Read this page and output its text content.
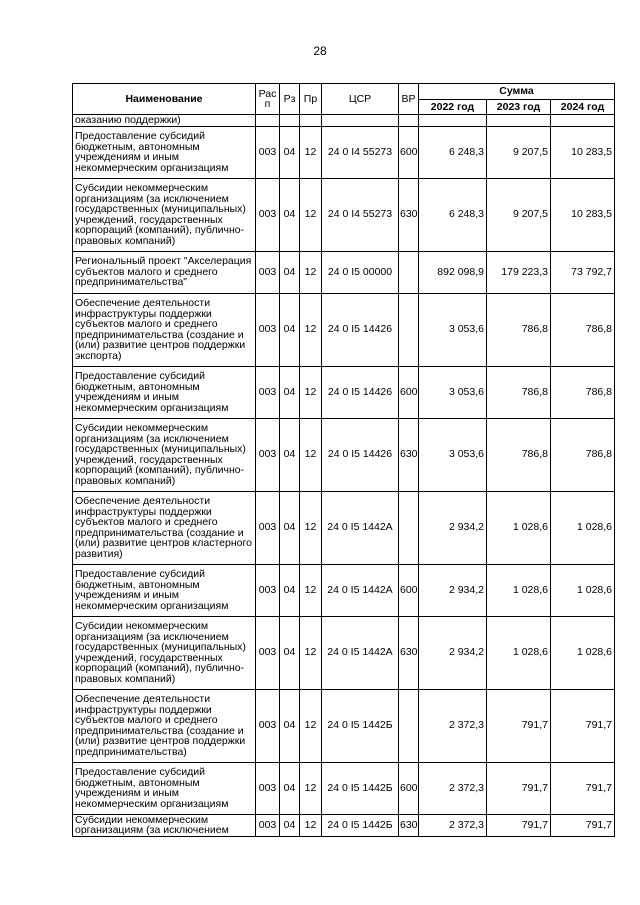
28
Наименование	Рас п	Рз	Пр	ЦСР	ВР	Сумма		
						2022 год	2023 год	2024 год
оказанию поддержки)								
Предоставление субсидий бюджетным, автономным учреждениям и иным некоммерческим организациям	003	04	12	24 0 I4 55273	600	6 248,3	9 207,5	10 283,5
Субсидии некоммерческим организациям (за исключением государственных (муниципальных) учреждений, государственных корпораций (компаний), публично-правовых компаний)	003	04	12	24 0 I4 55273	630	6 248,3	9 207,5	10 283,5
Региональный проект "Акселерация субъектов малого и среднего предпринимательства"	003	04	12	24 0 I5 00000		892 098,9	179 223,3	73 792,7
Обеспечение деятельности инфраструктуры поддержки субъектов малого и среднего предпринимательства (создание и (или) развитие центров поддержки экспорта)	003	04	12	24 0 I5 14426		3 053,6	786,8	786,8
Предоставление субсидий бюджетным, автономным учреждениям и иным некоммерческим организациям	003	04	12	24 0 I5 14426	600	3 053,6	786,8	786,8
Субсидии некоммерческим организациям (за исключением государственных (муниципальных) учреждений, государственных корпораций (компаний), публично-правовых компаний)	003	04	12	24 0 I5 14426	630	3 053,6	786,8	786,8
Обеспечение деятельности инфраструктуры поддержки субъектов малого и среднего предпринимательства (создание и (или) развитие центров кластерного развития)	003	04	12	24 0 I5 1442А		2 934,2	1 028,6	1 028,6
Предоставление субсидий бюджетным, автономным учреждениям и иным некоммерческим организациям	003	04	12	24 0 I5 1442А	600	2 934,2	1 028,6	1 028,6
Субсидии некоммерческим организациям (за исключением государственных (муниципальных) учреждений, государственных корпораций (компаний), публично-правовых компаний)	003	04	12	24 0 I5 1442А	630	2 934,2	1 028,6	1 028,6
Обеспечение деятельности инфраструктуры поддержки субъектов малого и среднего предпринимательства (создание и (или) развитие центров поддержки предпринимательства)	003	04	12	24 0 I5 1442Б		2 372,3	791,7	791,7
Предоставление субсидий бюджетным, автономным учреждениям и иным некоммерческим организациям	003	04	12	24 0 I5 1442Б	600	2 372,3	791,7	791,7
Субсидии некоммерческим организациям (за исключением	003	04	12	24 0 I5 1442Б	630	2 372,3	791,7	791,7
